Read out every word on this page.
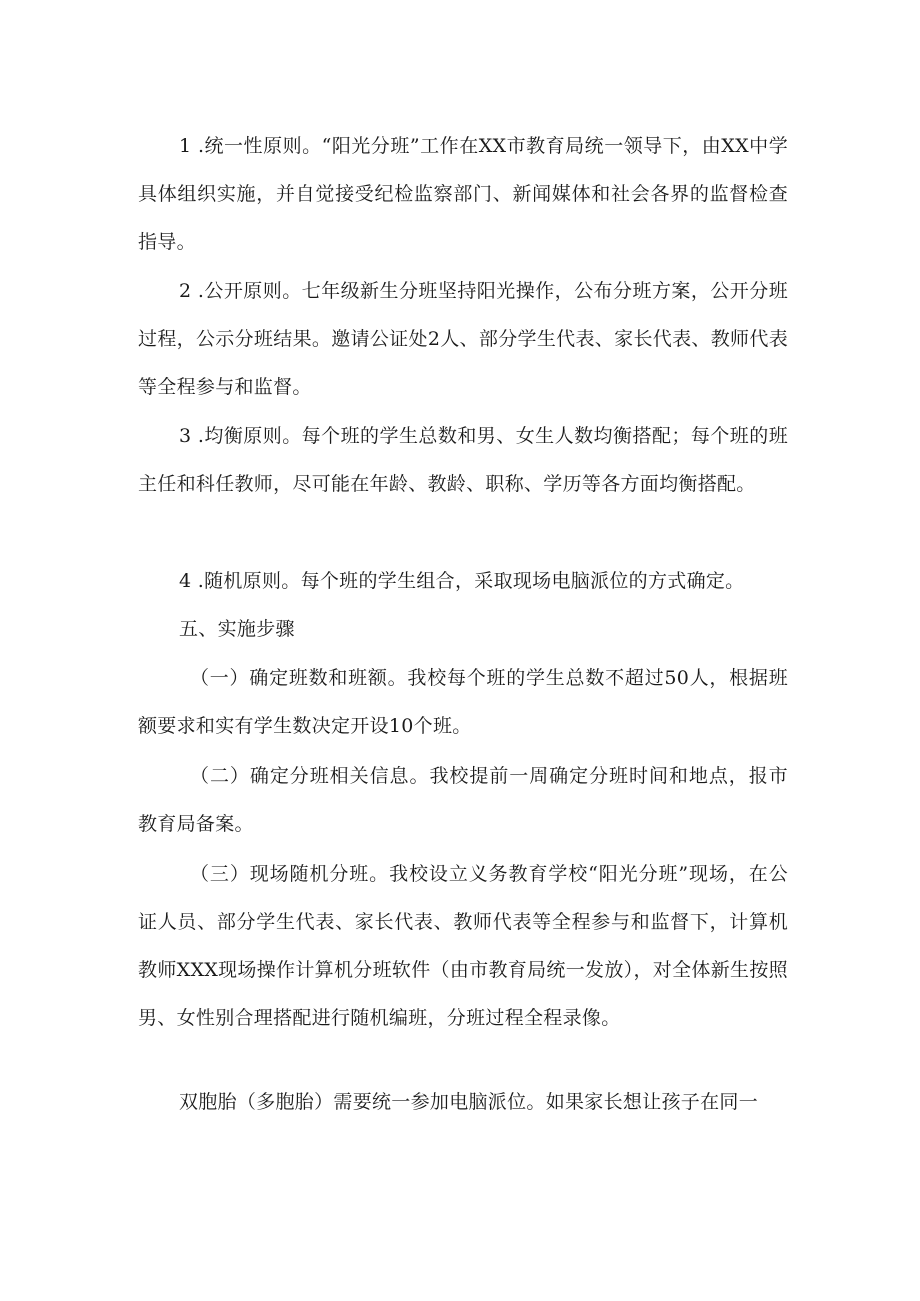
1 .统一性原则。“阳光分班”工作在XX市教育局统一领导下，由XX中学具体组织实施，并自觉接受纪检监察部门、新闻媒体和社会各界的监督检查指导。

2 .公开原则。七年级新生分班坚持阳光操作，公布分班方案，公开分班过程，公示分班结果。邀请公证处2人、部分学生代表、家长代表、教师代表等全程参与和监督。

3 .均衡原则。每个班的学生总数和男、女生人数均衡搭配；每个班的班主任和科任教师，尽可能在年龄、教龄、职称、学历等各方面均衡搭配。

4 .随机原则。每个班的学生组合，采取现场电脑派位的方式确定。

五、实施步骤

（一）确定班数和班额。我校每个班的学生总数不超过50人，根据班额要求和实有学生数决定开设10个班。

（二）确定分班相关信息。我校提前一周确定分班时间和地点，报市教育局备案。

（三）现场随机分班。我校设立义务教育学校“阳光分班”现场，在公证人员、部分学生代表、家长代表、教师代表等全程参与和监督下，计算机教师XXX现场操作计算机分班软件（由市教育局统一发放），对全体新生按照男、女性别合理搭配进行随机编班，分班过程全程录像。

双胞胎（多胞胎）需要统一参加电脑派位。如果家长想让孩子在同一
